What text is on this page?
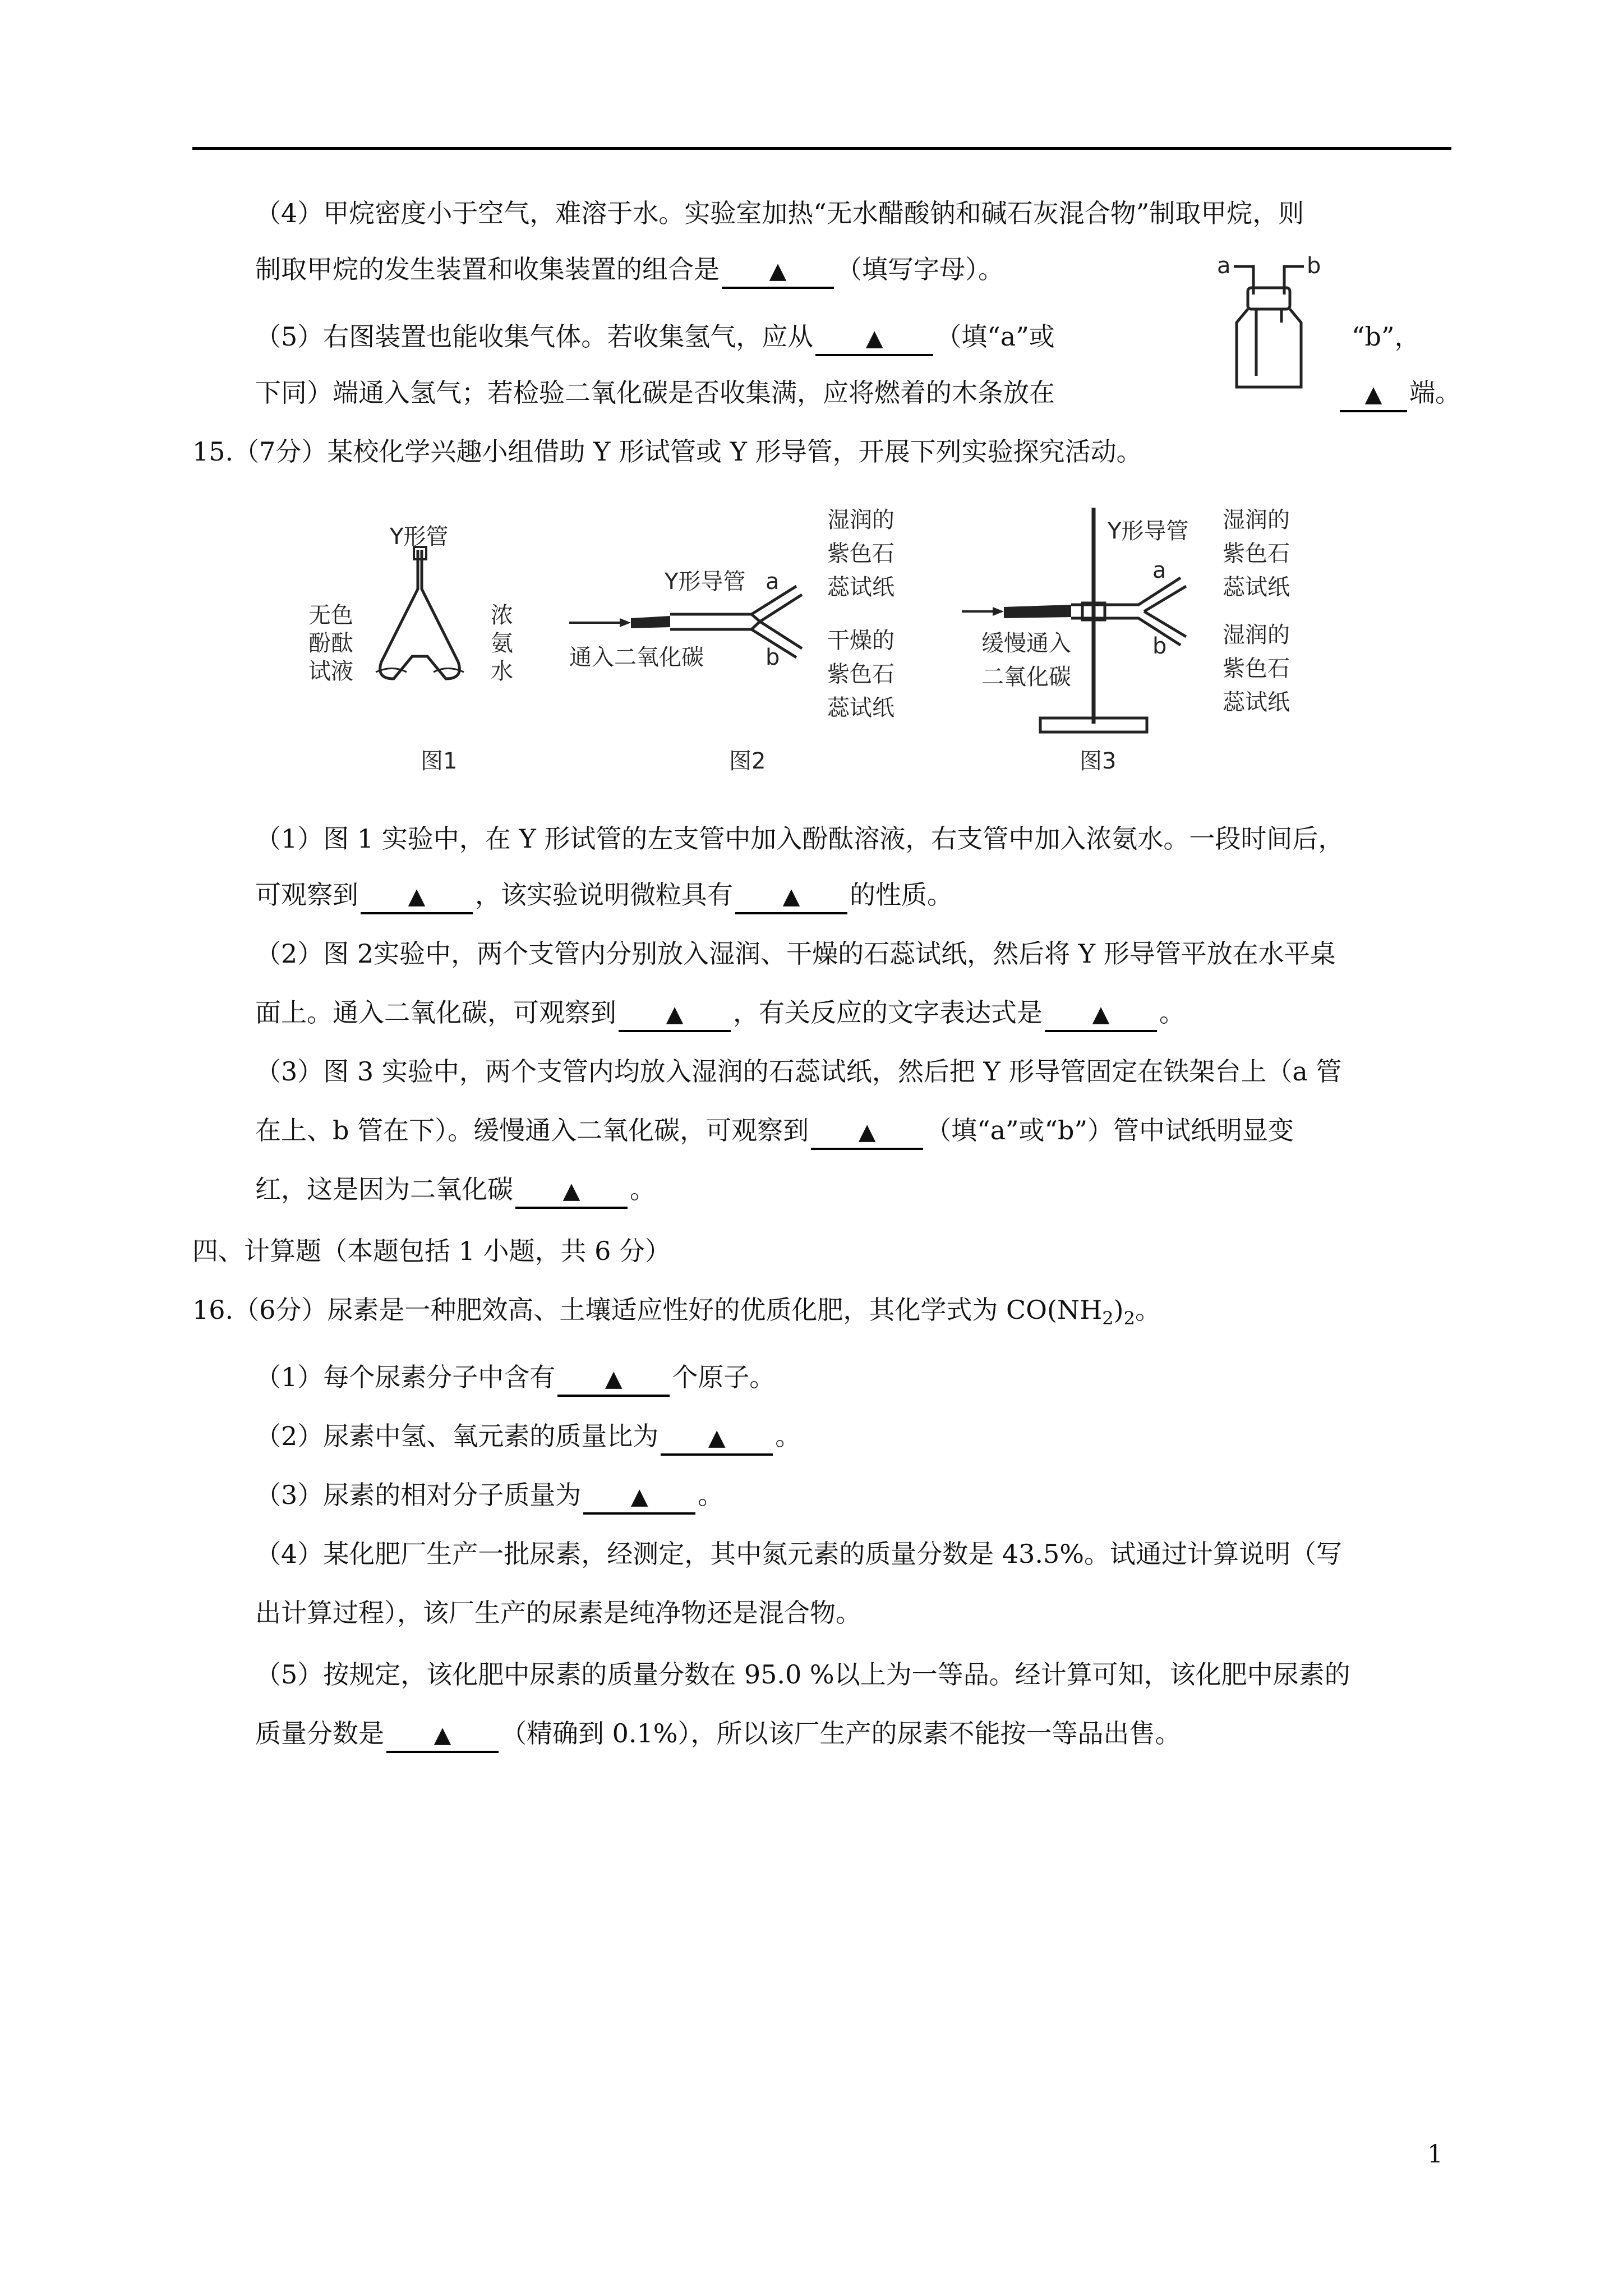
（4）甲烷密度小于空气，难溶于水。实验室加热“无水醋酸钠和碱石灰混合物”制取甲烷，则
制取甲烷的发生装置和收集装置的组合是 ▲ （填写字母）。
（5）右图装置也能收集气体。若收集氢气，应从 ▲ （填“a”或	“b”，
下同）端通入氢气；若检验二氧化碳是否收集满，应将燃着的木条放在	▲ 端。
a	b
15.（7分）某校化学兴趣小组借助 Y 形试管或 Y 形导管，开展下列实验探究活动。
Y形管
无色
酚酞
试液
浓
氨
水
图1
Y形导管 a
b
通入二氧化碳
湿润的
紫色石
蕊试纸
干燥的
紫色石
蕊试纸
图2
Y形导管
a
b
缓慢通入
二氧化碳
湿润的
紫色石
蕊试纸
湿润的
紫色石
蕊试纸
图3
（1）图 1 实验中，在 Y 形试管的左支管中加入酚酞溶液，右支管中加入浓氨水。一段时间后，
可观察到 ▲ ，该实验说明微粒具有 ▲ 的性质。
（2）图 2实验中，两个支管内分别放入湿润、干燥的石蕊试纸，然后将 Y 形导管平放在水平桌
面上。通入二氧化碳，可观察到 ▲ ，有关反应的文字表达式是 ▲ 。
（3）图 3 实验中，两个支管内均放入湿润的石蕊试纸，然后把 Y 形导管固定在铁架台上（a 管
在上、b 管在下）。缓慢通入二氧化碳，可观察到 ▲ （填“a”或“b”）管中试纸明显变
红，这是因为二氧化碳 ▲ 。
四、计算题（本题包括 1 小题，共 6 分）
16.（6分）尿素是一种肥效高、土壤适应性好的优质化肥，其化学式为 $CO(NH_2)_2$。
（1）每个尿素分子中含有 ▲ 个原子。
（2）尿素中氢、氧元素的质量比为 ▲ 。
（3）尿素的相对分子质量为 ▲ 。
（4）某化肥厂生产一批尿素，经测定，其中氮元素的质量分数是 43.5%。试通过计算说明（写
出计算过程），该厂生产的尿素是纯净物还是混合物。
（5）按规定，该化肥中尿素的质量分数在 95.0 %以上为一等品。经计算可知，该化肥中尿素的
质量分数是 ▲ （精确到 0.1%），所以该厂生产的尿素不能按一等品出售。
1
